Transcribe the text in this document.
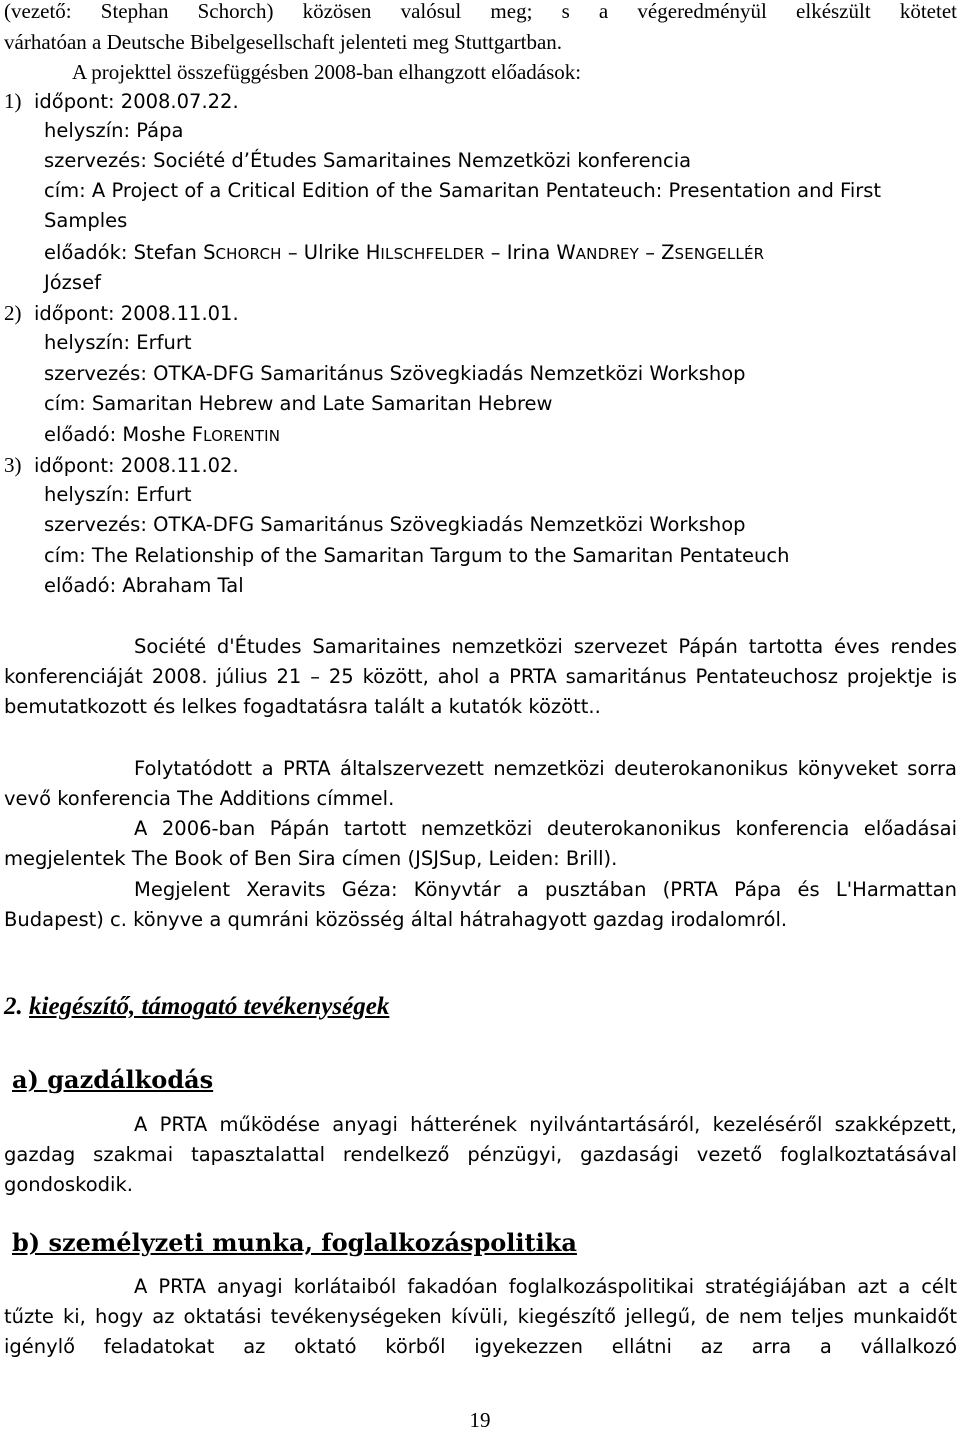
(vezető: Stephan Schorch) közösen valósul meg; s a végeredményül elkészült kötetet
várhatóan a Deutsche Bibelgesellschaft jelenteti meg Stuttgartban.
A projekttel összefüggésben 2008-ban elhangzott előadások:
1) időpont: 2008.07.22.
helyszín: Pápa
szervezés: Société d’Études Samaritaines Nemzetközi konferencia
cím: A Project of a Critical Edition of the Samaritan Pentateuch: Presentation and First
Samples
előadók: Stefan SCHORCH – Ulrike HILSCHFELDER – Irina WANDREY – ZSENGELLÉR
József
2) időpont: 2008.11.01.
helyszín: Erfurt
szervezés: OTKA-DFG Samaritánus Szövegkiadás Nemzetközi Workshop
cím: Samaritan Hebrew and Late Samaritan Hebrew
előadó: Moshe FLORENTIN
3) időpont: 2008.11.02.
helyszín: Erfurt
szervezés: OTKA-DFG Samaritánus Szövegkiadás Nemzetközi Workshop
cím: The Relationship of the Samaritan Targum to the Samaritan Pentateuch
előadó: Abraham Tal
Société d'Études Samaritaines nemzetközi szervezet Pápán tartotta éves rendes konferenciáját 2008. július 21 – 25 között, ahol a PRTA samaritánus Pentateuchosz projektje is bemutatkozott és lelkes fogadtatásra talált a kutatók között..
Folytatódott a PRTA általszervezett nemzetközi deuterokanonikus könyveket sorra vevő konferencia The Additions címmel.
A 2006-ban Pápán tartott nemzetközi deuterokanonikus konferencia előadásai megjelentek The Book of Ben Sira címen (JSJSup, Leiden: Brill).
Megjelent Xeravits Géza: Könyvtár a pusztában (PRTA Pápa és L'Harmattan Budapest) c. könyve a qumráni közösség által hátrahagyott gazdag irodalomról.
2. kiegészítő, támogató tevékenységek
a) gazdálkodás
A PRTA működése anyagi hátterének nyilvántartásáról, kezeléséről szakképzett, gazdag szakmai tapasztalattal rendelkező pénzügyi, gazdasági vezető foglalkoztatásával gondoskodik.
b) személyzeti munka, foglalkozáspolitika
A PRTA anyagi korlátaiból fakadóan foglalkozáspolitikai stratégiájában azt a célt tűzte ki, hogy az oktatási tevékenységeken kívüli, kiegészítő jellegű, de nem teljes munkaidőt igénylő feladatokat az oktató körből igyekezzen ellátni az arra a vállalkozó
19
